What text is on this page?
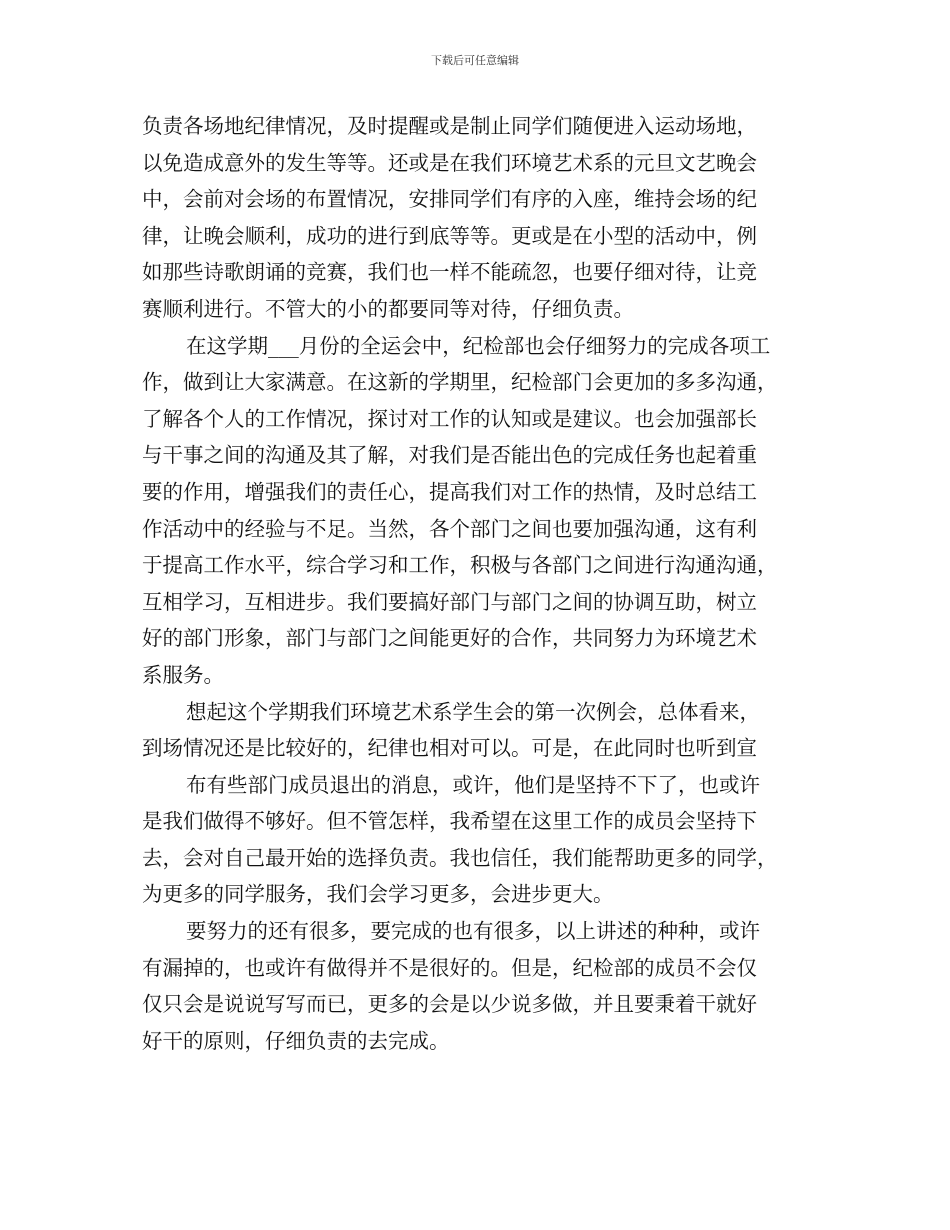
下载后可任意编辑
负责各场地纪律情况，及时提醒或是制止同学们随便进入运动场地，
以免造成意外的发生等等。还或是在我们环境艺术系的元旦文艺晚会
中，会前对会场的布置情况，安排同学们有序的入座，维持会场的纪
律，让晚会顺利，成功的进行到底等等。更或是在小型的活动中，例
如那些诗歌朗诵的竞赛，我们也一样不能疏忽，也要仔细对待，让竞
赛顺利进行。不管大的小的都要同等对待，仔细负责。
在这学期___月份的全运会中，纪检部也会仔细努力的完成各项工
作，做到让大家满意。在这新的学期里，纪检部门会更加的多多沟通，
了解各个人的工作情况，探讨对工作的认知或是建议。也会加强部长
与干事之间的沟通及其了解，对我们是否能出色的完成任务也起着重
要的作用，增强我们的责任心，提高我们对工作的热情，及时总结工
作活动中的经验与不足。当然，各个部门之间也要加强沟通，这有利
于提高工作水平，综合学习和工作，积极与各部门之间进行沟通沟通，
互相学习，互相进步。我们要搞好部门与部门之间的协调互助，树立
好的部门形象，部门与部门之间能更好的合作，共同努力为环境艺术
系服务。
想起这个学期我们环境艺术系学生会的第一次例会，总体看来，
到场情况还是比较好的，纪律也相对可以。可是，在此同时也听到宣
布有些部门成员退出的消息，或许，他们是坚持不下了，也或许
是我们做得不够好。但不管怎样，我希望在这里工作的成员会坚持下
去，会对自己最开始的选择负责。我也信任，我们能帮助更多的同学，
为更多的同学服务，我们会学习更多，会进步更大。
要努力的还有很多，要完成的也有很多，以上讲述的种种，或许
有漏掉的，也或许有做得并不是很好的。但是，纪检部的成员不会仅
仅只会是说说写写而已，更多的会是以少说多做，并且要秉着干就好
好干的原则，仔细负责的去完成。
